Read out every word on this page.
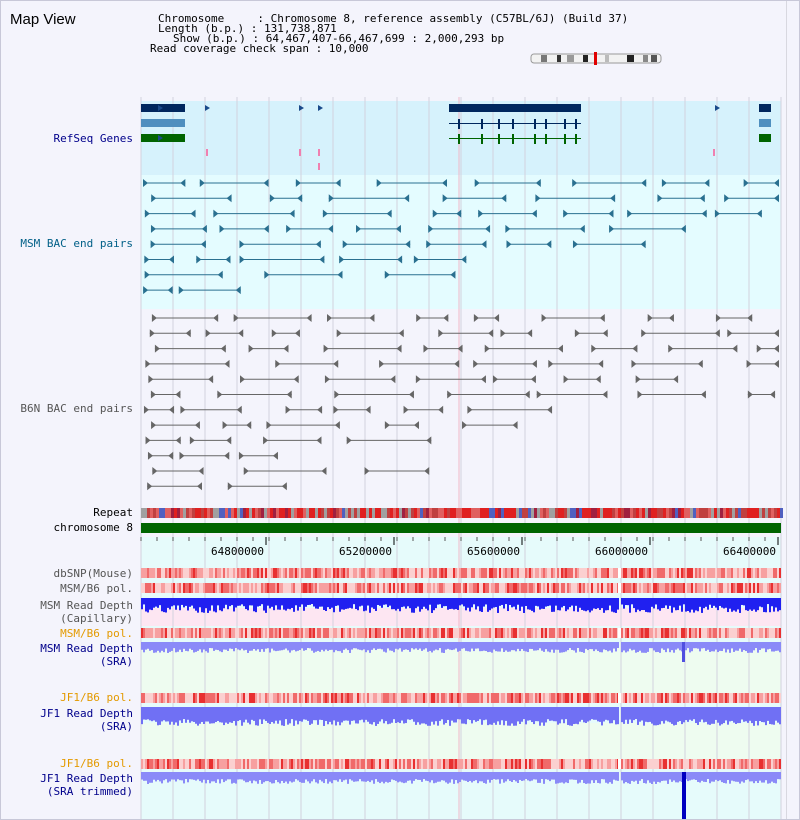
Map View	Chromosome     : Chromosome 8, reference assembly (C57BL/6J) (Build 37)
Length (b.p.) : 131,738,871
Show (b.p.) : 64,467,407-66,467,699 : 2,000,293 bp
Read coverage check span : 10,000
64800000	65200000	65600000	66000000	66400000
RefSeq Genes
MSM BAC end pairs
B6N BAC end pairs
Repeat
chromosome 8
dbSNP(Mouse)
MSM/B6 pol.
MSM Read Depth
(Capillary)
MSM/B6 pol.
MSM Read Depth
(SRA)
JF1/B6 pol.
JF1 Read Depth
(SRA)
JF1/B6 pol.
JF1 Read Depth
(SRA trimmed)
